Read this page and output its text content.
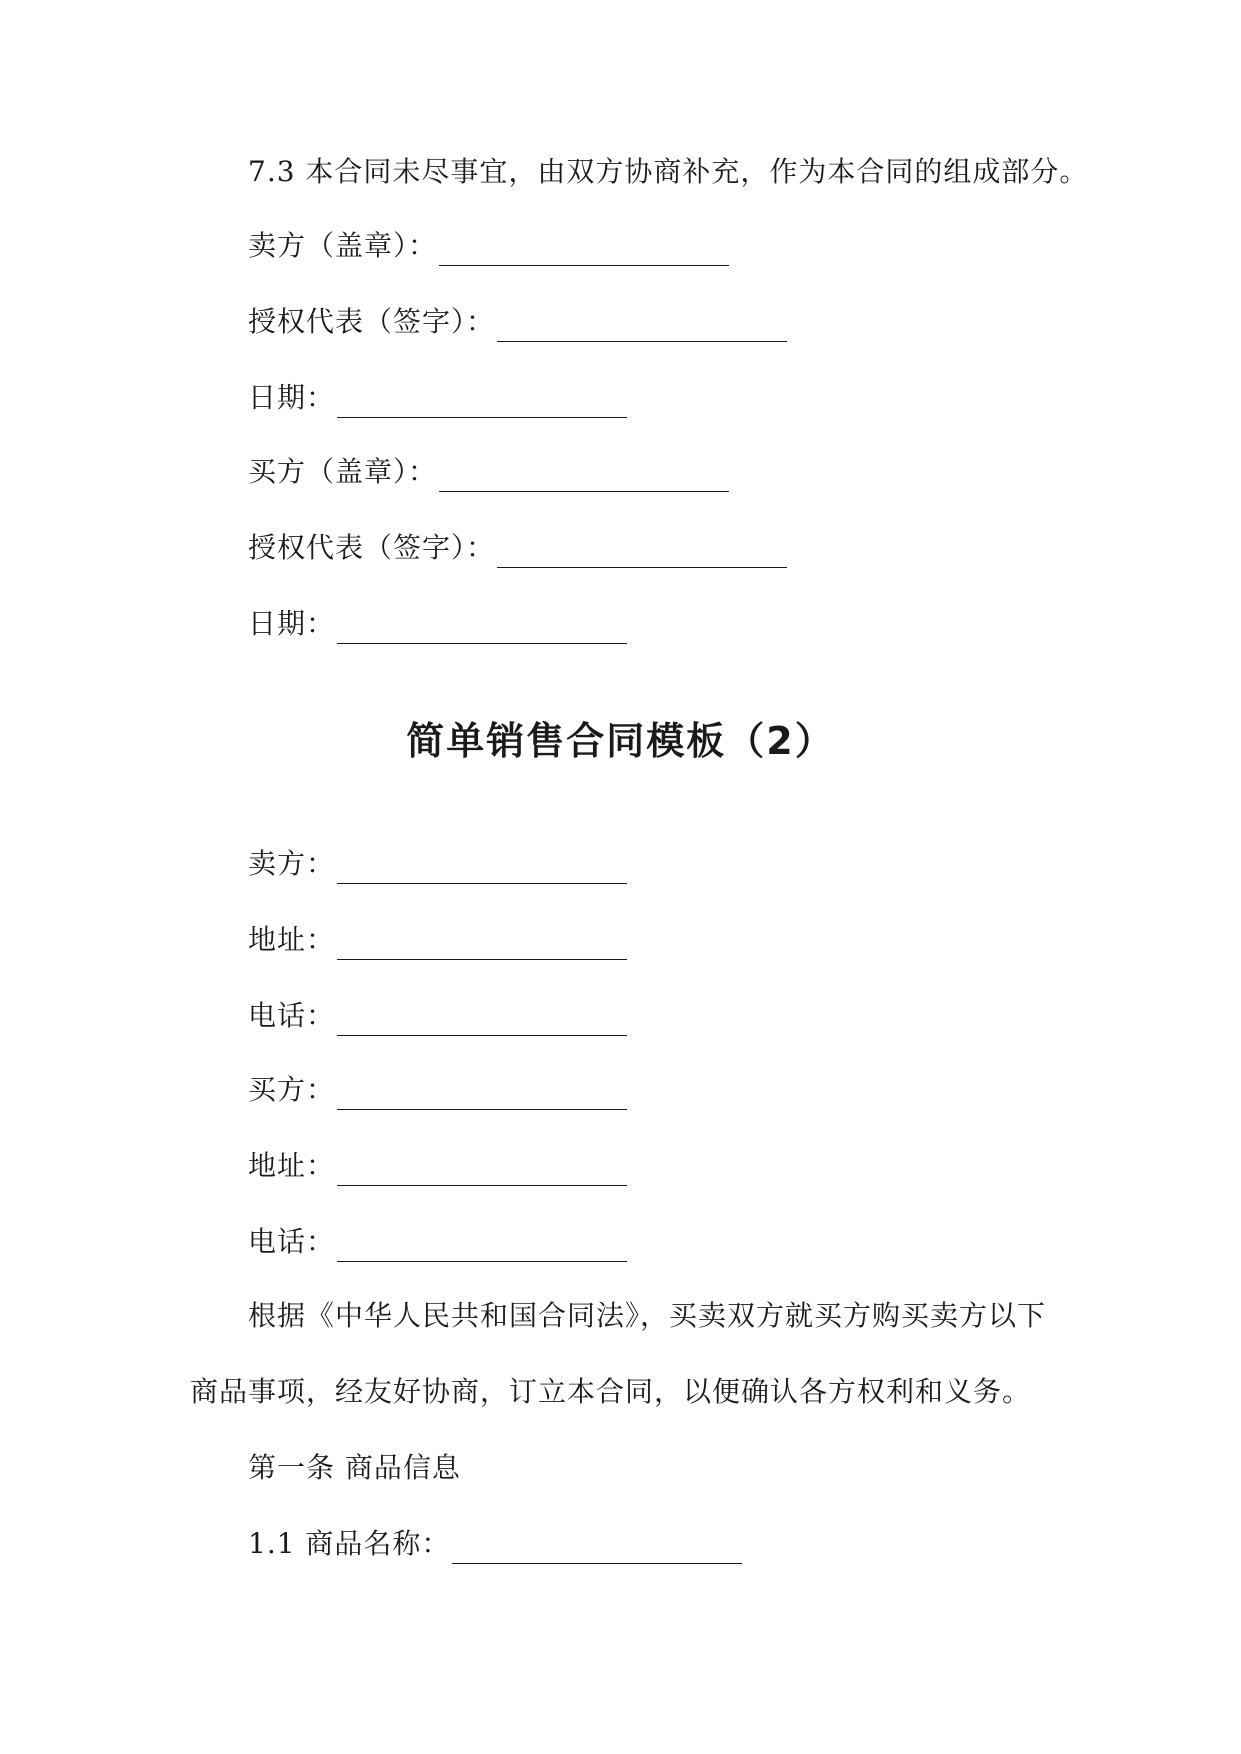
7.3 本合同未尽事宜，由双方协商补充，作为本合同的组成部分。
卖方（盖章）：
授权代表（签字）：
日期：
买方（盖章）：
授权代表（签字）：
日期：
简单销售合同模板（2）
卖方：
地址：
电话：
买方：
地址：
电话：
根据《中华人民共和国合同法》，买卖双方就买方购买卖方以下
商品事项，经友好协商，订立本合同，以便确认各方权利和义务。
第一条 商品信息
1.1 商品名称：
